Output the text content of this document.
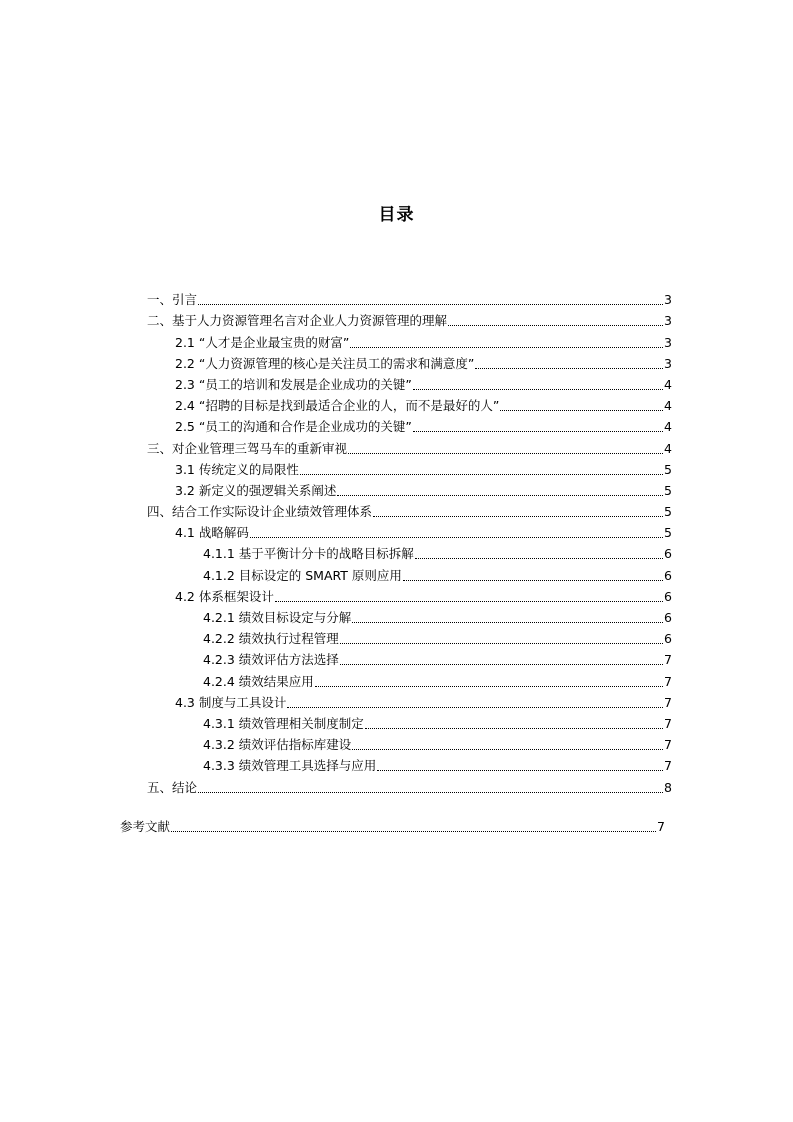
目录
一、引言	3
二、基于人力资源管理名言对企业人力资源管理的理解	3
2.1 “人才是企业最宝贵的财富”	3
2.2 “人力资源管理的核心是关注员工的需求和满意度”	3
2.3 “员工的培训和发展是企业成功的关键”	4
2.4 “招聘的目标是找到最适合企业的人，而不是最好的人”	4
2.5 “员工的沟通和合作是企业成功的关键”	4
三、对企业管理三驾马车的重新审视	4
3.1 传统定义的局限性	5
3.2 新定义的强逻辑关系阐述	5
四、结合工作实际设计企业绩效管理体系	5
4.1 战略解码	5
4.1.1 基于平衡计分卡的战略目标拆解	6
4.1.2 目标设定的 SMART 原则应用	6
4.2 体系框架设计	6
4.2.1 绩效目标设定与分解	6
4.2.2 绩效执行过程管理	6
4.2.3 绩效评估方法选择	7
4.2.4 绩效结果应用	7
4.3 制度与工具设计	7
4.3.1 绩效管理相关制度制定	7
4.3.2 绩效评估指标库建设	7
4.3.3 绩效管理工具选择与应用	7
五、结论	8
参考文献	7
